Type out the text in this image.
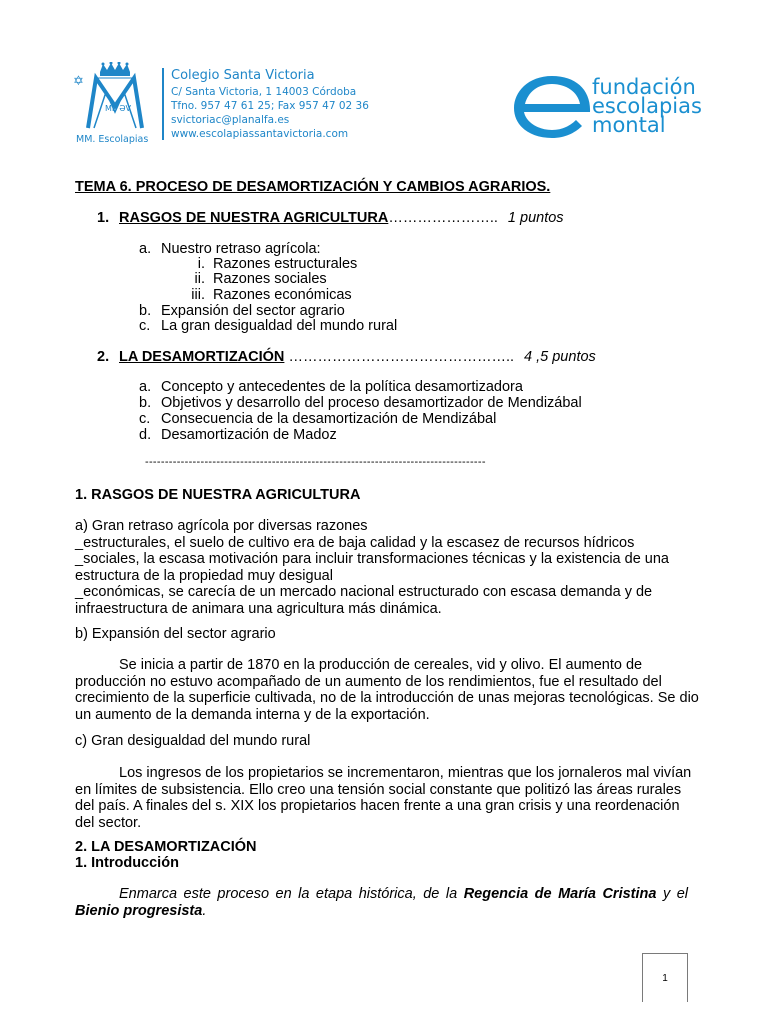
✡
MP ƏV
MM. Escolapias
Colegio Santa Victoria
C/ Santa Victoria, 1 14003 Córdoba
Tfno. 957 47 61 25; Fax 957 47 02 36
svictoriac@planalfa.es
www.escolapiassantavictoria.com
fundación
escolapias
montal
TEMA 6. PROCESO DE DESAMORTIZACIÓN Y CAMBIOS AGRARIOS.
1. RASGOS DE NUESTRA AGRICULTURA………………….. 1 puntos
a. Nuestro retraso agrícola:
i. Razones estructurales
ii. Razones sociales
iii. Razones económicas
b. Expansión del sector agrario
c. La gran desigualdad del mundo rural
2. LA DESAMORTIZACIÓN ……………………………………….. 4 ,5 puntos
a. Concepto y antecedentes de la política desamortizadora
b. Objetivos y desarrollo del proceso desamortizador de Mendizábal
c. Consecuencia de la desamortización de Mendizábal
d. Desamortización de Madoz
--------------------------------------------------------------------------------------
1. RASGOS DE NUESTRA AGRICULTURA
a) Gran retraso agrícola por diversas razones
_estructurales, el suelo de cultivo era de baja calidad y la escasez de recursos hídricos
_sociales, la escasa motivación para incluir transformaciones técnicas y la existencia de una
estructura de la propiedad muy desigual
_económicas, se carecía de un mercado nacional estructurado con escasa demanda y de
infraestructura de animara una agricultura más dinámica.
b) Expansión del sector agrario
Se inicia a partir de 1870 en la producción de cereales, vid y olivo. El aumento de
producción no estuvo acompañado de un aumento de los rendimientos, fue el resultado del
crecimiento de la superficie cultivada, no de la introducción de unas mejoras tecnológicas. Se dio
un aumento de la demanda interna y de la exportación.
c) Gran desigualdad del mundo rural
Los ingresos de los propietarios se incrementaron, mientras que los jornaleros mal vivían
en límites de subsistencia. Ello creo una tensión social constante que politizó las áreas rurales
del país. A finales del s. XIX los propietarios hacen frente a una gran crisis y una reordenación
del sector.
2. LA DESAMORTIZACIÓN
1. Introducción
Enmarca este proceso en la etapa histórica, de la Regencia de María Cristina y el Bienio progresista.
1
